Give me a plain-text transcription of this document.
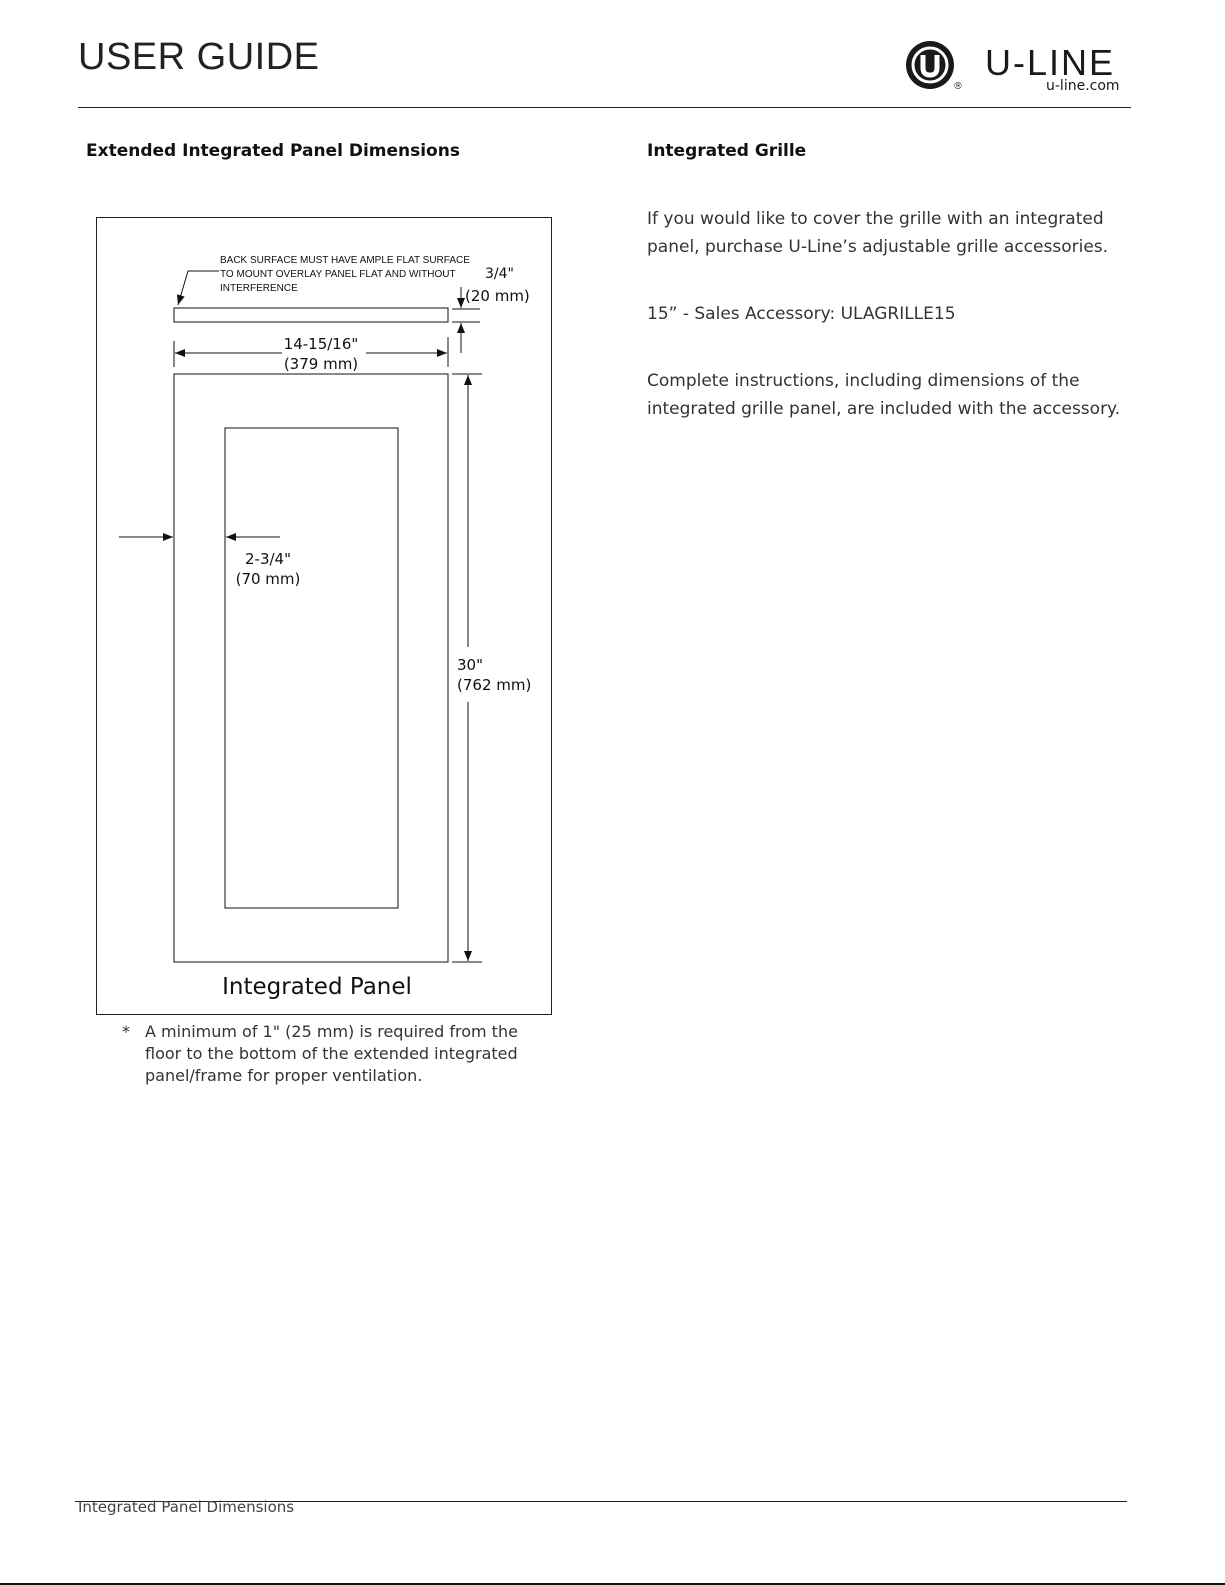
USER GUIDE
®
U-LINE
u-line.com
Extended Integrated Panel Dimensions	Integrated Grille
BACK SURFACE MUST HAVE AMPLE FLAT SURFACE
TO MOUNT OVERLAY PANEL FLAT AND WITHOUT
INTERFERENCE
3/4"
(20 mm)
14-15/16"
(379 mm)
2-3/4"
(70 mm)
30"
(762 mm)
Integrated Panel
* A minimum of 1" (25 mm) is required from the floor to the bottom of the extended integrated panel/frame for proper ventilation.

If you would like to cover the grille with an integrated panel, purchase U-Line’s adjustable grille accessories.

15” - Sales Accessory: ULAGRILLE15

Complete instructions, including dimensions of the integrated grille panel, are included with the accessory.

Integrated Panel Dimensions
